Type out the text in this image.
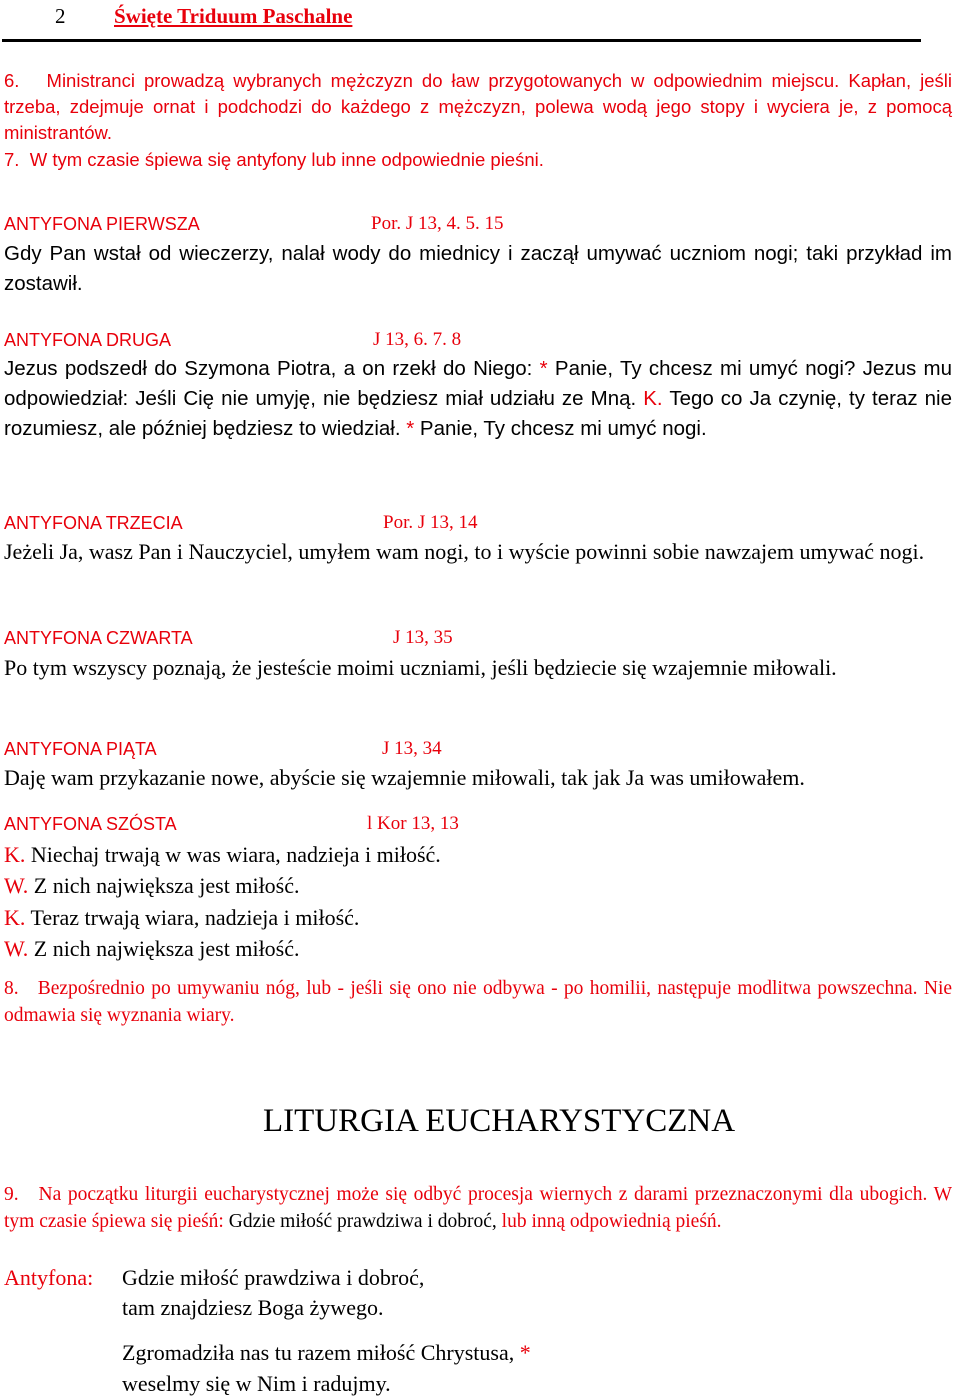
2 Święte Triduum Paschalne
6. Ministranci prowadzą wybranych mężczyzn do ław przygotowanych w odpowiednim miejscu. Kapłan, jeśli trzeba, zdejmuje ornat i podchodzi do każdego z mężczyzn, polewa wodą jego stopy i wyciera je, z pomocą ministrantów.
7. W tym czasie śpiewa się antyfony lub inne odpowiednie pieśni.
ANTYFONA PIERWSZA	Por. J 13, 4. 5. 15
Gdy Pan wstał od wieczerzy, nalał wody do miednicy i zaczął umywać uczniom nogi; taki przykład im zostawił.
ANTYFONA DRUGA	J 13, 6. 7. 8
Jezus podszedł do Szymona Piotra, a on rzekł do Niego: * Panie, Ty chcesz mi umyć nogi? Jezus mu odpowiedział: Jeśli Cię nie umyję, nie będziesz miał udziału ze Mną. K. Tego co Ja czynię, ty teraz nie rozumiesz, ale później będziesz to wiedział. * Panie, Ty chcesz mi umyć nogi.
ANTYFONA TRZECIA	Por. J 13, 14
Jeżeli Ja, wasz Pan i Nauczyciel, umyłem wam nogi, to i wyście powinni sobie nawzajem umywać nogi.
ANTYFONA CZWARTA	J 13, 35
Po tym wszyscy poznają, że jesteście moimi uczniami, jeśli będziecie się wzajemnie miłowali.
ANTYFONA PIĄTA	J 13, 34
Daję wam przykazanie nowe, abyście się wzajemnie miłowali, tak jak Ja was umiłowałem.
ANTYFONA SZÓSTA	l Kor 13, 13
K. Niechaj trwają w was wiara, nadzieja i miłość.
W. Z nich największa jest miłość.
K. Teraz trwają wiara, nadzieja i miłość.
W. Z nich największa jest miłość.
8. Bezpośrednio po umywaniu nóg, lub - jeśli się ono nie odbywa - po homilii, następuje modlitwa powszechna. Nie odmawia się wyznania wiary.
LITURGIA EUCHARYSTYCZNA
9. Na początku liturgii eucharystycznej może się odbyć procesja wiernych z darami przeznaczonymi dla ubogich. W tym czasie śpiewa się pieśń: Gdzie miłość prawdziwa i dobroć, lub inną odpowiednią pieśń.
Antyfona: Gdzie miłość prawdziwa i dobroć,
tam znajdziesz Boga żywego.
Zgromadziła nas tu razem miłość Chrystusa, *
weselmy się w Nim i radujmy.
